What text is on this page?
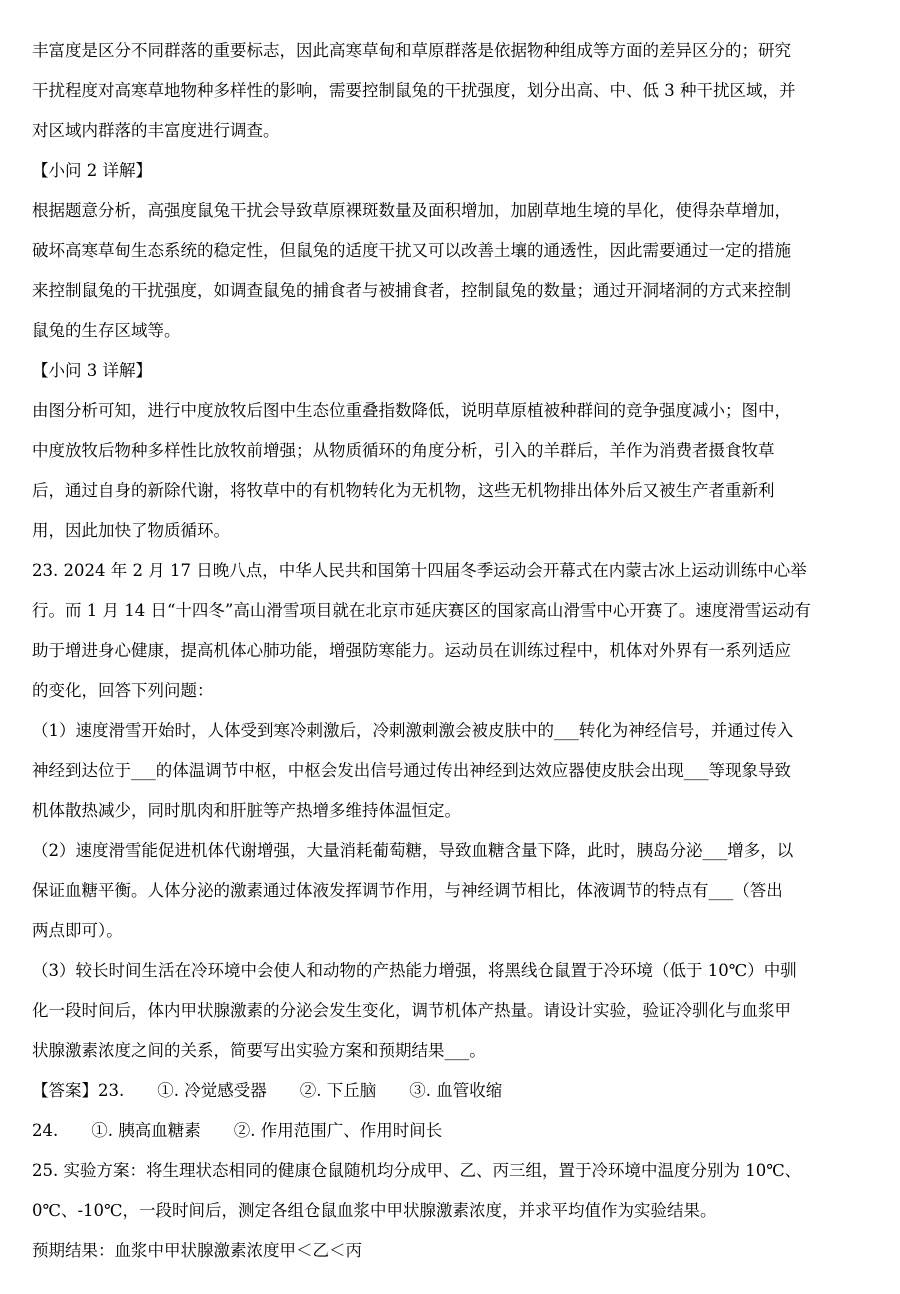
丰富度是区分不同群落的重要标志，因此高寒草甸和草原群落是依据物种组成等方面的差异区分的；研究
干扰程度对高寒草地物种多样性的影响，需要控制鼠兔的干扰强度，划分出高、中、低 3 种干扰区域，并
对区域内群落的丰富度进行调查。
【小问 2 详解】
根据题意分析，高强度鼠兔干扰会导致草原裸斑数量及面积增加，加剧草地生境的旱化，使得杂草增加，
破坏高寒草甸生态系统的稳定性，但鼠兔的适度干扰又可以改善土壤的通透性，因此需要通过一定的措施
来控制鼠兔的干扰强度，如调查鼠兔的捕食者与被捕食者，控制鼠兔的数量；通过开洞堵洞的方式来控制
鼠兔的生存区域等。
【小问 3 详解】
由图分析可知，进行中度放牧后图中生态位重叠指数降低，说明草原植被种群间的竞争强度减小；图中，
中度放牧后物种多样性比放牧前增强；从物质循环的角度分析，引入的羊群后，羊作为消费者摄食牧草
后，通过自身的新除代谢，将牧草中的有机物转化为无机物，这些无机物排出体外后又被生产者重新利
用，因此加快了物质循环。
23. 2024 年 2 月 17 日晚八点，中华人民共和国第十四届冬季运动会开幕式在内蒙古冰上运动训练中心举
行。而 1 月 14 日“十四冬”高山滑雪项目就在北京市延庆赛区的国家高山滑雪中心开赛了。速度滑雪运动有
助于增进身心健康，提高机体心肺功能，增强防寒能力。运动员在训练过程中，机体对外界有一系列适应
的变化，回答下列问题：
（1）速度滑雪开始时，人体受到寒冷刺激后，冷刺激刺激会被皮肤中的___转化为神经信号，并通过传入
神经到达位于___的体温调节中枢，中枢会发出信号通过传出神经到达效应器使皮肤会出现___等现象导致
机体散热减少，同时肌肉和肝脏等产热增多维持体温恒定。
（2）速度滑雪能促进机体代谢增强，大量消耗葡萄糖，导致血糖含量下降，此时，胰岛分泌___增多，以
保证血糖平衡。人体分泌的激素通过体液发挥调节作用，与神经调节相比，体液调节的特点有___（答出
两点即可）。
（3）较长时间生活在冷环境中会使人和动物的产热能力增强，将黑线仓鼠置于冷环境（低于 10℃）中驯
化一段时间后，体内甲状腺激素的分泌会发生变化，调节机体产热量。请设计实验，验证冷驯化与血浆甲
状腺激素浓度之间的关系，简要写出实验方案和预期结果___。
【答案】23.　　①. 冷觉感受器　　②. 下丘脑　　③. 血管收缩
24.　　①. 胰高血糖素　　②. 作用范围广、作用时间长
25. 实验方案：将生理状态相同的健康仓鼠随机均分成甲、乙、丙三组，置于冷环境中温度分别为 10℃、
0℃、-10℃，一段时间后，测定各组仓鼠血浆中甲状腺激素浓度，并求平均值作为实验结果。
预期结果：血浆中甲状腺激素浓度甲＜乙＜丙
